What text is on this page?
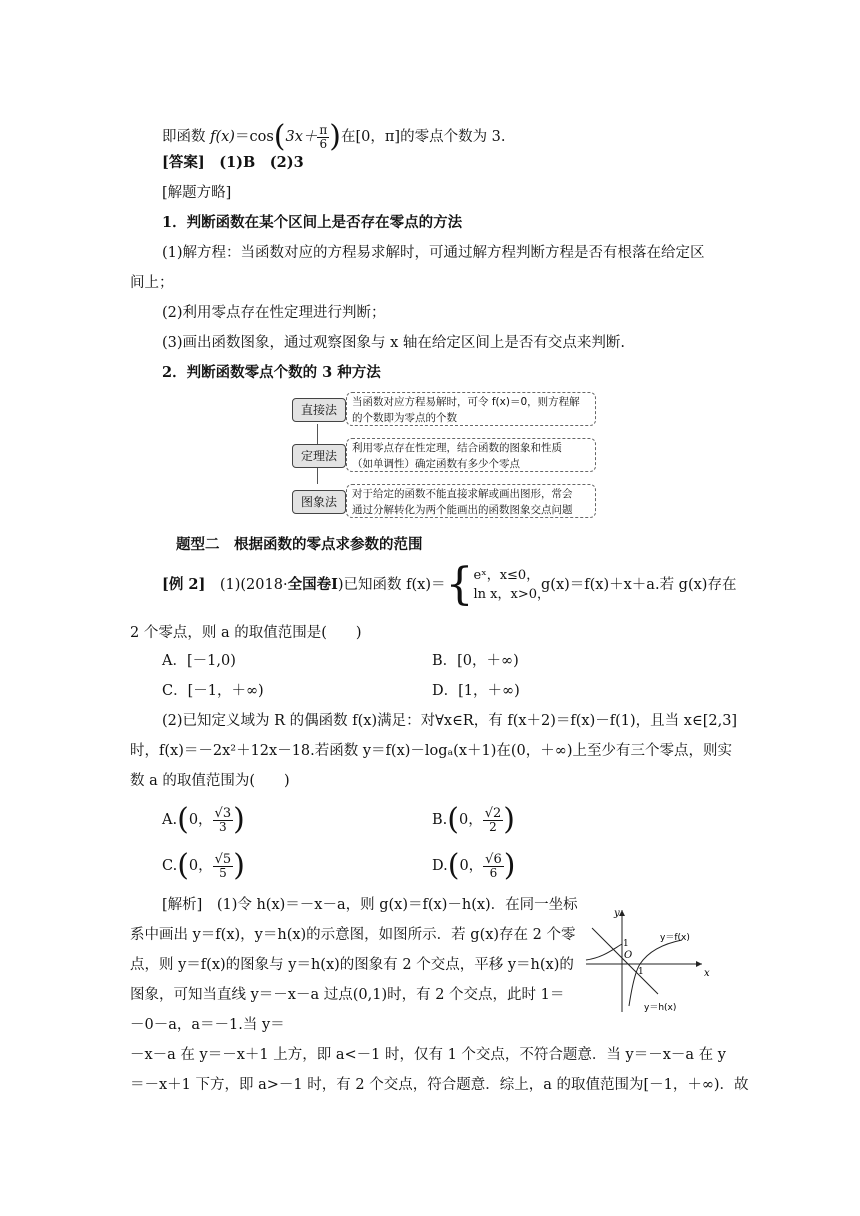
即函数 $f(x)=\cos(3x+ \frac{\pi}{6}$ )在[0，π]的零点个数为 3.
[答案]　(1)B　(2)3
[解题方略]
1．判断函数在某个区间上是否存在零点的方法
(1)解方程：当函数对应的方程易求解时，可通过解方程判断方程是否有根落在给定区
间上；
(2)利用零点存在性定理进行判断；
(3)画出函数图象，通过观察图象与 x 轴在给定区间上是否有交点来判断.
2．判断函数零点个数的 3 种方法
直接法
当函数对应方程易解时，可令 f(x)＝0，则方程解
的个数即为零点的个数
定理法
利用零点存在性定理，结合函数的图象和性质
（如单调性）确定函数有多少个零点
图象法
对于给定的函数不能直接求解或画出图形，常会
通过分解转化为两个能画出的函数图象交点问题
题型二　根据函数的零点求参数的范围
[例 2]　 (1)(2018·全国卷Ⅰ)已知函数 f(x)＝{eˣ，x≤0，
ln x，x>0，
g(x)＝f(x)＋x＋a.若 g(x)存在
2 个零点，则 a 的取值范围是(　　)
A．[－1,0)	B．[0，＋∞)
C．[－1，＋∞)	D．[1，＋∞)
(2)已知定义域为 R 的偶函数 f(x)满足：对∀x∈R，有 f(x＋2)＝f(x)－f(1)，且当 x∈[2,3]
时，f(x)＝－2x²＋12x－18.若函数 y＝f(x)－logₐ(x＋1)在(0，＋∞)上至少有三个零点，则实
数 a 的取值范围为(　　)
A.(0， $\frac{√3}{3}$ )	B.(0， $\frac{√2}{2}$ )
C.(0， $\frac{√5}{5}$ )	D.(0， $\frac{√6}{6}$ )
[解析]　(1)令 h(x)＝－x－a，则 g(x)＝f(x)－h(x)．在同一坐标
系中画出 y＝f(x)，y＝h(x)的示意图，如图所示．若 g(x)存在 2 个零
点，则 y＝f(x)的图象与 y＝h(x)的图象有 2 个交点，平移 y＝h(x)的
图象，可知当直线 y＝－x－a 过点(0,1)时，有 2 个交点，此时 1＝
－0－a，a＝－1.当 y＝
－x－a 在 y＝－x＋1 上方，即 a<－1 时，仅有 1 个交点，不符合题意．当 y＝－x－a 在 y
＝－x＋1 下方，即 a>－1 时，有 2 个交点，符合题意．综上，a 的取值范围为[－1，＋∞)．故
y
x
O
1
1
y＝f(x)
y＝h(x)
